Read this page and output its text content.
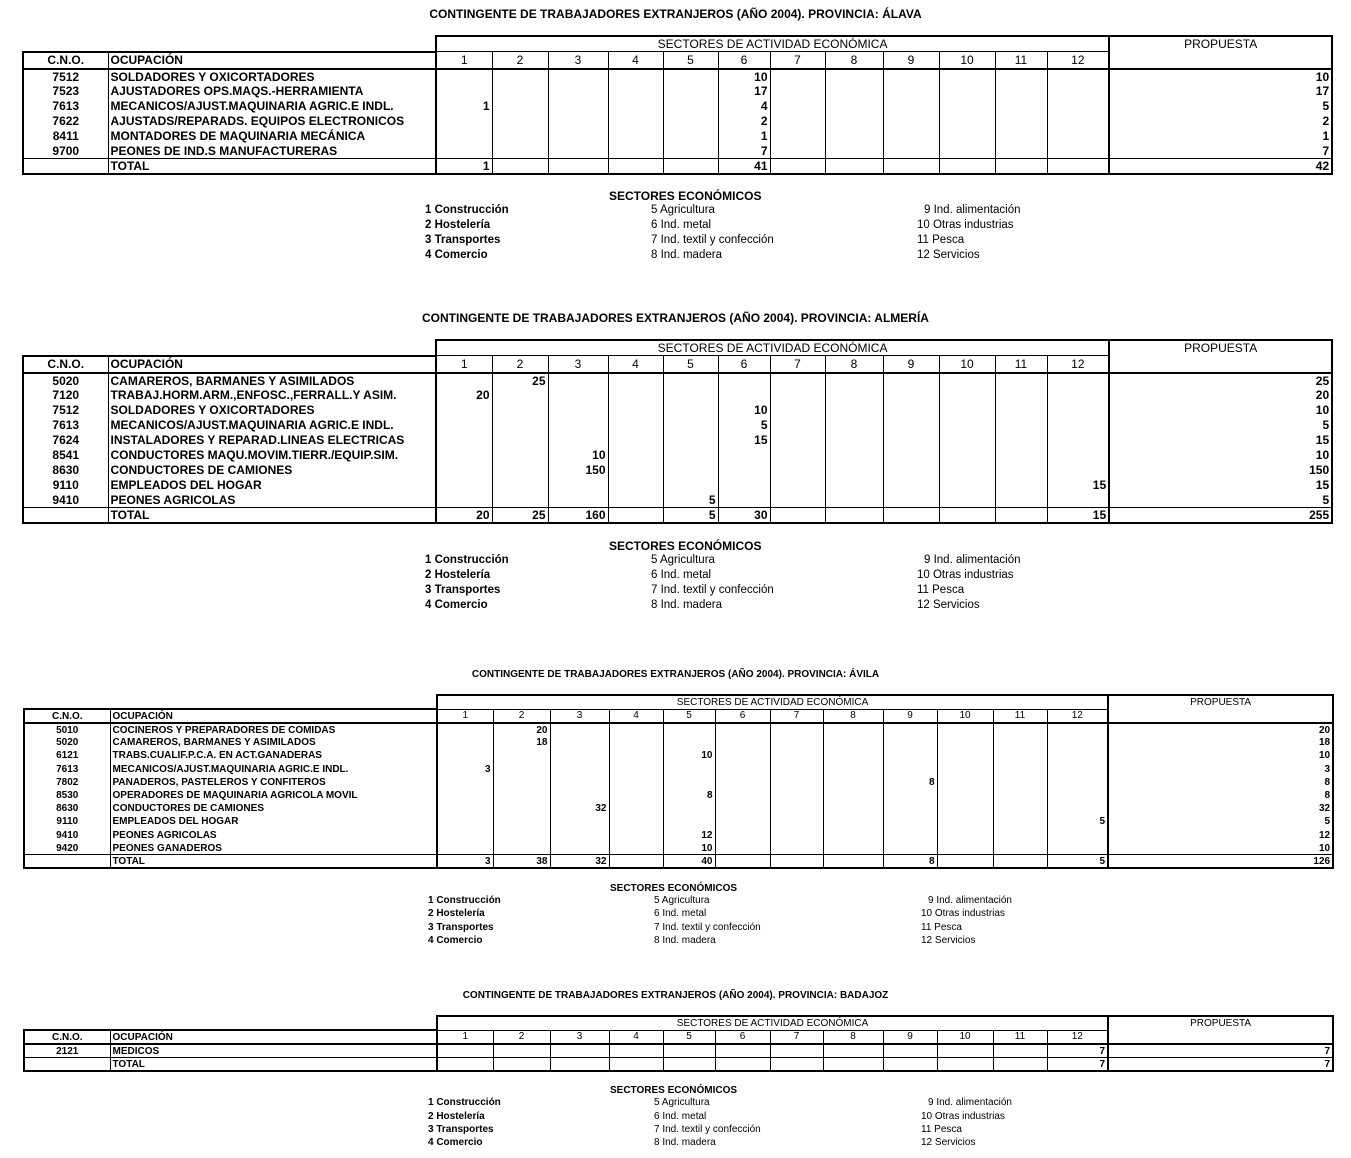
CONTINGENTE DE TRABAJADORES EXTRANJEROS (AÑO 2004). PROVINCIA: ÁLAVA
		SECTORES DE ACTIVIDAD ECONÓMICA												PROPUESTA
C.N.O.	OCUPACIÓN	1	2	3	4	5	6	7	8	9	10	11	12	
7512	SOLDADORES Y OXICORTADORES						10							10
7523	AJUSTADORES OPS.MAQS.-HERRAMIENTA						17							17
7613	MECANICOS/AJUST.MAQUINARIA AGRIC.E INDL.	1					4							5
7622	AJUSTADS/REPARADS. EQUIPOS ELECTRONICOS						2							2
8411	MONTADORES DE MAQUINARIA MECÁNICA						1							1
9700	PEONES DE IND.S MANUFACTURERAS						7							7
	TOTAL	1					41							42
SECTORES ECONÓMICOS
1 Construcción
2 Hostelería
3 Transportes
4 Comercio
5 Agricultura
6 Ind. metal
7 Ind. textil y confección
8 Ind. madera
9 Ind. alimentación
10 Otras industrias
11 Pesca
12 Servicios
CONTINGENTE DE TRABAJADORES EXTRANJEROS (AÑO 2004). PROVINCIA: ALMERÍA
		SECTORES DE ACTIVIDAD ECONÓMICA												PROPUESTA
C.N.O.	OCUPACIÓN	1	2	3	4	5	6	7	8	9	10	11	12	
5020	CAMAREROS, BARMANES Y ASIMILADOS		25											25
7120	TRABAJ.HORM.ARM.,ENFOSC.,FERRALL.Y ASIM.	20												20
7512	SOLDADORES Y OXICORTADORES						10							10
7613	MECANICOS/AJUST.MAQUINARIA AGRIC.E INDL.						5							5
7624	INSTALADORES Y REPARAD.LINEAS ELECTRICAS						15							15
8541	CONDUCTORES MAQU.MOVIM.TIERR./EQUIP.SIM.			10										10
8630	CONDUCTORES DE CAMIONES			150										150
9110	EMPLEADOS DEL HOGAR												15	15
9410	PEONES AGRICOLAS					5								5
	TOTAL	20	25	160		5	30						15	255
SECTORES ECONÓMICOS
1 Construcción
2 Hostelería
3 Transportes
4 Comercio
5 Agricultura
6 Ind. metal
7 Ind. textil y confección
8 Ind. madera
9 Ind. alimentación
10 Otras industrias
11 Pesca
12 Servicios
CONTINGENTE DE TRABAJADORES EXTRANJEROS (AÑO 2004). PROVINCIA: ÁVILA
		SECTORES DE ACTIVIDAD ECONÓMICA												PROPUESTA
C.N.O.	OCUPACIÓN	1	2	3	4	5	6	7	8	9	10	11	12	
5010	COCINEROS Y PREPARADORES DE COMIDAS		20											20
5020	CAMAREROS, BARMANES Y ASIMILADOS		18											18
6121	TRABS.CUALIF.P.C.A. EN ACT.GANADERAS					10								10
7613	MECANICOS/AJUST.MAQUINARIA AGRIC.E INDL.	3												3
7802	PANADEROS, PASTELEROS Y CONFITEROS									8				8
8530	OPERADORES DE MAQUINARIA AGRICOLA MOVIL					8								8
8630	CONDUCTORES DE CAMIONES			32										32
9110	EMPLEADOS DEL HOGAR												5	5
9410	PEONES AGRICOLAS					12								12
9420	PEONES GANADEROS					10								10
	TOTAL	3	38	32		40				8			5	126
SECTORES ECONÓMICOS
1 Construcción
2 Hostelería
3 Transportes
4 Comercio
5 Agricultura
6 Ind. metal
7 Ind. textil y confección
8 Ind. madera
9 Ind. alimentación
10 Otras industrias
11 Pesca
12 Servicios
CONTINGENTE DE TRABAJADORES EXTRANJEROS (AÑO 2004). PROVINCIA: BADAJOZ
		SECTORES DE ACTIVIDAD ECONÓMICA												PROPUESTA
C.N.O.	OCUPACIÓN	1	2	3	4	5	6	7	8	9	10	11	12	
2121	MEDICOS												7	7
	TOTAL												7	7
SECTORES ECONÓMICOS
1 Construcción
2 Hostelería
3 Transportes
4 Comercio
5 Agricultura
6 Ind. metal
7 Ind. textil y confección
8 Ind. madera
9 Ind. alimentación
10 Otras industrias
11 Pesca
12 Servicios
